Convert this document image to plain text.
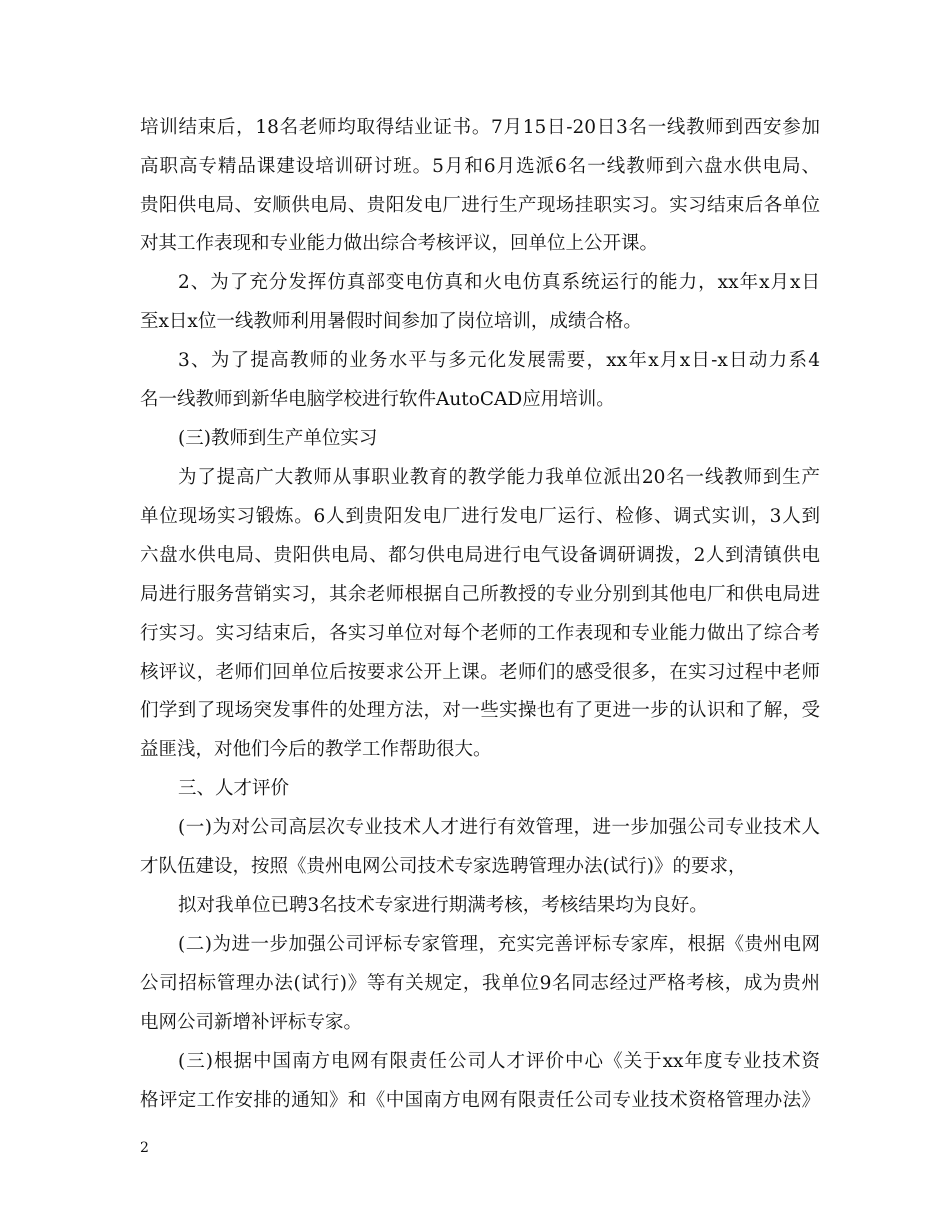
培训结束后，18名老师均取得结业证书。7月15日-20日3名一线教师到西安参加
高职高专精品课建设培训研讨班。5月和6月选派6名一线教师到六盘水供电局、
贵阳供电局、安顺供电局、贵阳发电厂进行生产现场挂职实习。实习结束后各单位
对其工作表现和专业能力做出综合考核评议，回单位上公开课。
2、为了充分发挥仿真部变电仿真和火电仿真系统运行的能力，xx年x月x日
至x日x位一线教师利用暑假时间参加了岗位培训，成绩合格。
3、为了提高教师的业务水平与多元化发展需要，xx年x月x日-x日动力系4
名一线教师到新华电脑学校进行软件AutoCAD应用培训。
(三)教师到生产单位实习
为了提高广大教师从事职业教育的教学能力我单位派出20名一线教师到生产
单位现场实习锻炼。6人到贵阳发电厂进行发电厂运行、检修、调式实训，3人到
六盘水供电局、贵阳供电局、都匀供电局进行电气设备调研调拨，2人到清镇供电
局进行服务营销实习，其余老师根据自己所教授的专业分别到其他电厂和供电局进
行实习。实习结束后，各实习单位对每个老师的工作表现和专业能力做出了综合考
核评议，老师们回单位后按要求公开上课。老师们的感受很多，在实习过程中老师
们学到了现场突发事件的处理方法，对一些实操也有了更进一步的认识和了解，受
益匪浅，对他们今后的教学工作帮助很大。
三、人才评价
(一)为对公司高层次专业技术人才进行有效管理，进一步加强公司专业技术人
才队伍建设，按照《贵州电网公司技术专家选聘管理办法(试行)》的要求，
拟对我单位已聘3名技术专家进行期满考核，考核结果均为良好。
(二)为进一步加强公司评标专家管理，充实完善评标专家库，根据《贵州电网
公司招标管理办法(试行)》等有关规定，我单位9名同志经过严格考核，成为贵州
电网公司新增补评标专家。
(三)根据中国南方电网有限责任公司人才评价中心《关于xx年度专业技术资
格评定工作安排的通知》和《中国南方电网有限责任公司专业技术资格管理办法》
2
